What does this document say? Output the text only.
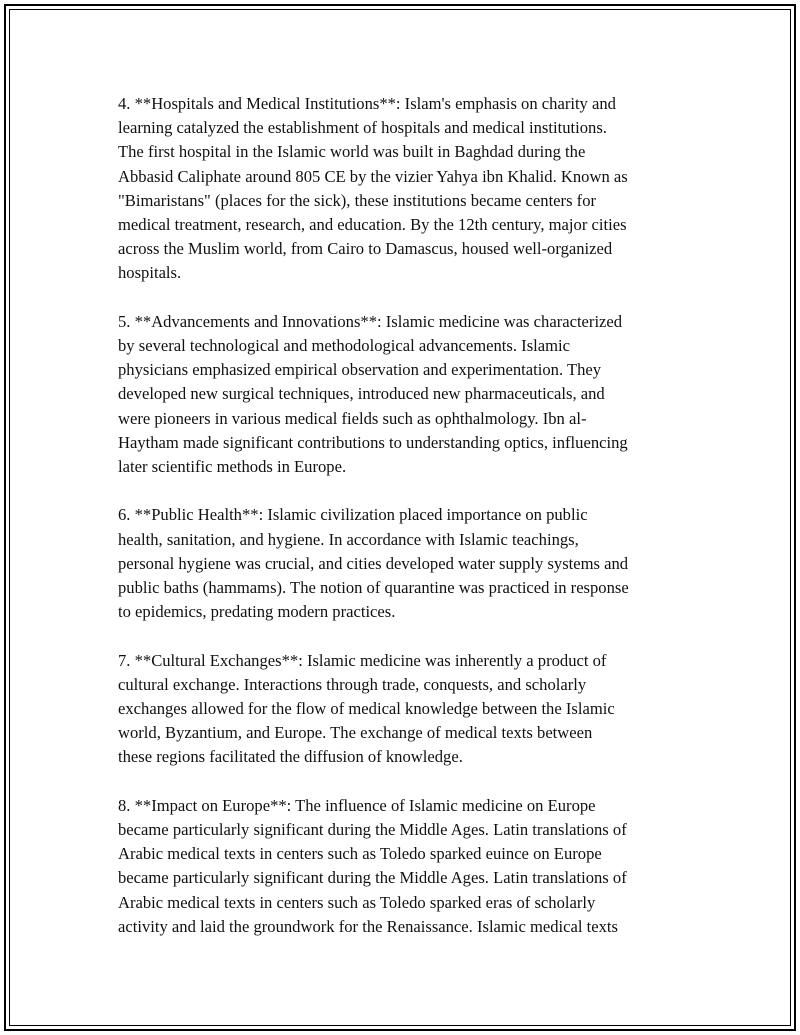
4. **Hospitals and Medical Institutions**: Islam's emphasis on charity and
learning catalyzed the establishment of hospitals and medical institutions.
The first hospital in the Islamic world was built in Baghdad during the
Abbasid Caliphate around 805 CE by the vizier Yahya ibn Khalid. Known as
"Bimaristans" (places for the sick), these institutions became centers for
medical treatment, research, and education. By the 12th century, major cities
across the Muslim world, from Cairo to Damascus, housed well-organized
hospitals.

5. **Advancements and Innovations**: Islamic medicine was characterized
by several technological and methodological advancements. Islamic
physicians emphasized empirical observation and experimentation. They
developed new surgical techniques, introduced new pharmaceuticals, and
were pioneers in various medical fields such as ophthalmology. Ibn al-
Haytham made significant contributions to understanding optics, influencing
later scientific methods in Europe.

6. **Public Health**: Islamic civilization placed importance on public
health, sanitation, and hygiene. In accordance with Islamic teachings,
personal hygiene was crucial, and cities developed water supply systems and
public baths (hammams). The notion of quarantine was practiced in response
to epidemics, predating modern practices.

7. **Cultural Exchanges**: Islamic medicine was inherently a product of
cultural exchange. Interactions through trade, conquests, and scholarly
exchanges allowed for the flow of medical knowledge between the Islamic
world, Byzantium, and Europe. The exchange of medical texts between
these regions facilitated the diffusion of knowledge.

8. **Impact on Europe**: The influence of Islamic medicine on Europe
became particularly significant during the Middle Ages. Latin translations of
Arabic medical texts in centers such as Toledo sparked euince on Europe
became particularly significant during the Middle Ages. Latin translations of
Arabic medical texts in centers such as Toledo sparked eras of scholarly
activity and laid the groundwork for the Renaissance. Islamic medical texts
